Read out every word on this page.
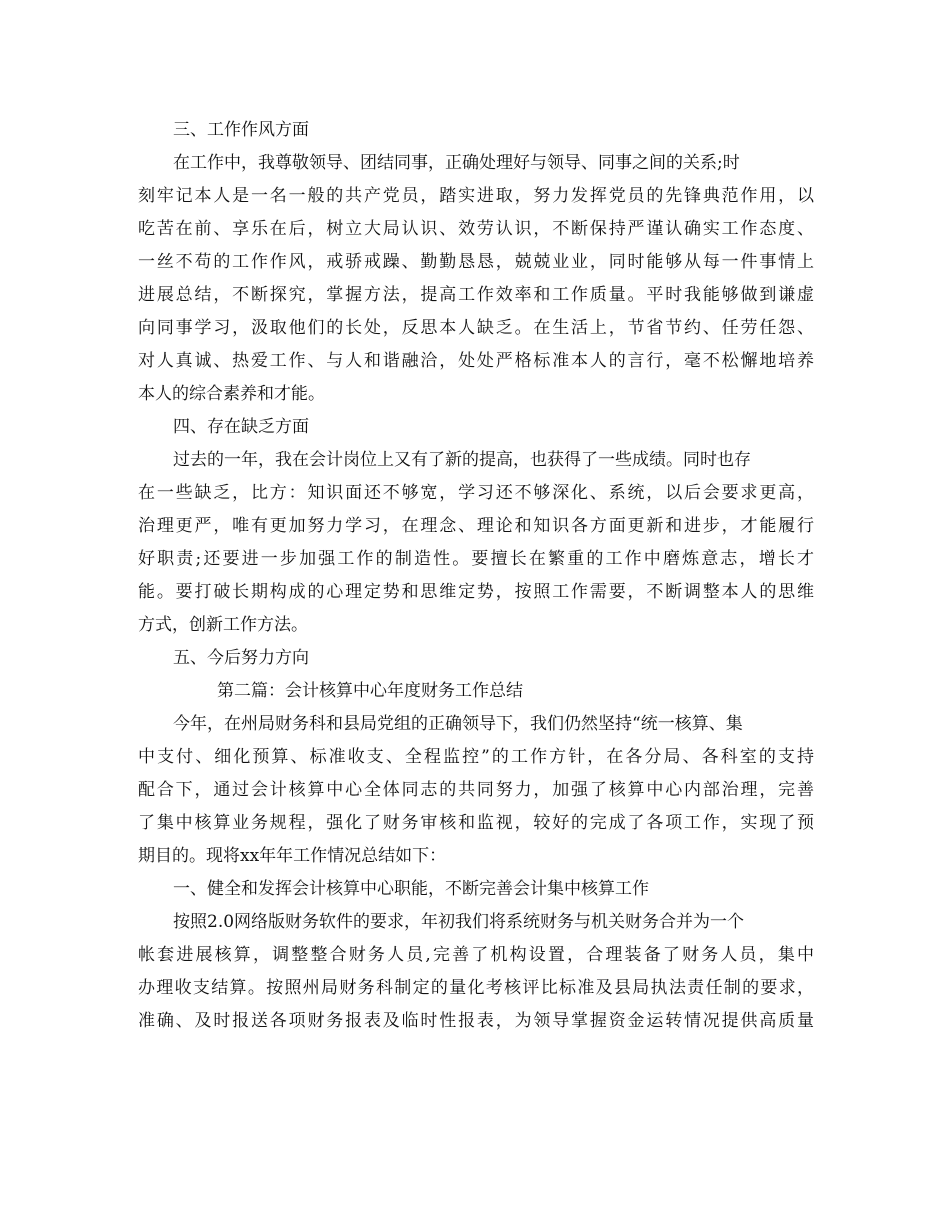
三、工作作风方面
在工作中，我尊敬领导、团结同事，正确处理好与领导、同事之间的关系;时
刻牢记本人是一名一般的共产党员，踏实进取，努力发挥党员的先锋典范作用，以
吃苦在前、享乐在后，树立大局认识、效劳认识，不断保持严谨认确实工作态度、
一丝不苟的工作作风，戒骄戒躁、勤勤恳恳，兢兢业业，同时能够从每一件事情上
进展总结，不断探究，掌握方法，提高工作效率和工作质量。平时我能够做到谦虚
向同事学习，汲取他们的长处，反思本人缺乏。在生活上，节省节约、任劳任怨、
对人真诚、热爱工作、与人和谐融洽，处处严格标准本人的言行，毫不松懈地培养
本人的综合素养和才能。
四、存在缺乏方面
过去的一年，我在会计岗位上又有了新的提高，也获得了一些成绩。同时也存
在一些缺乏，比方：知识面还不够宽，学习还不够深化、系统，以后会要求更高，
治理更严，唯有更加努力学习，在理念、理论和知识各方面更新和进步，才能履行
好职责;还要进一步加强工作的制造性。要擅长在繁重的工作中磨炼意志，增长才
能。要打破长期构成的心理定势和思维定势，按照工作需要，不断调整本人的思维
方式，创新工作方法。
五、今后努力方向
第二篇：会计核算中心年度财务工作总结
今年，在州局财务科和县局党组的正确领导下，我们仍然坚持“统一核算、集
中支付、细化预算、标准收支、全程监控”的工作方针，在各分局、各科室的支持
配合下，通过会计核算中心全体同志的共同努力，加强了核算中心内部治理，完善
了集中核算业务规程，强化了财务审核和监视，较好的完成了各项工作，实现了预
期目的。现将xx年年工作情况总结如下：
一、健全和发挥会计核算中心职能，不断完善会计集中核算工作
按照2.0网络版财务软件的要求，年初我们将系统财务与机关财务合并为一个
帐套进展核算，调整整合财务人员,完善了机构设置，合理装备了财务人员，集中
办理收支结算。按照州局财务科制定的量化考核评比标准及县局执法责任制的要求，
准确、及时报送各项财务报表及临时性报表，为领导掌握资金运转情况提供高质量
